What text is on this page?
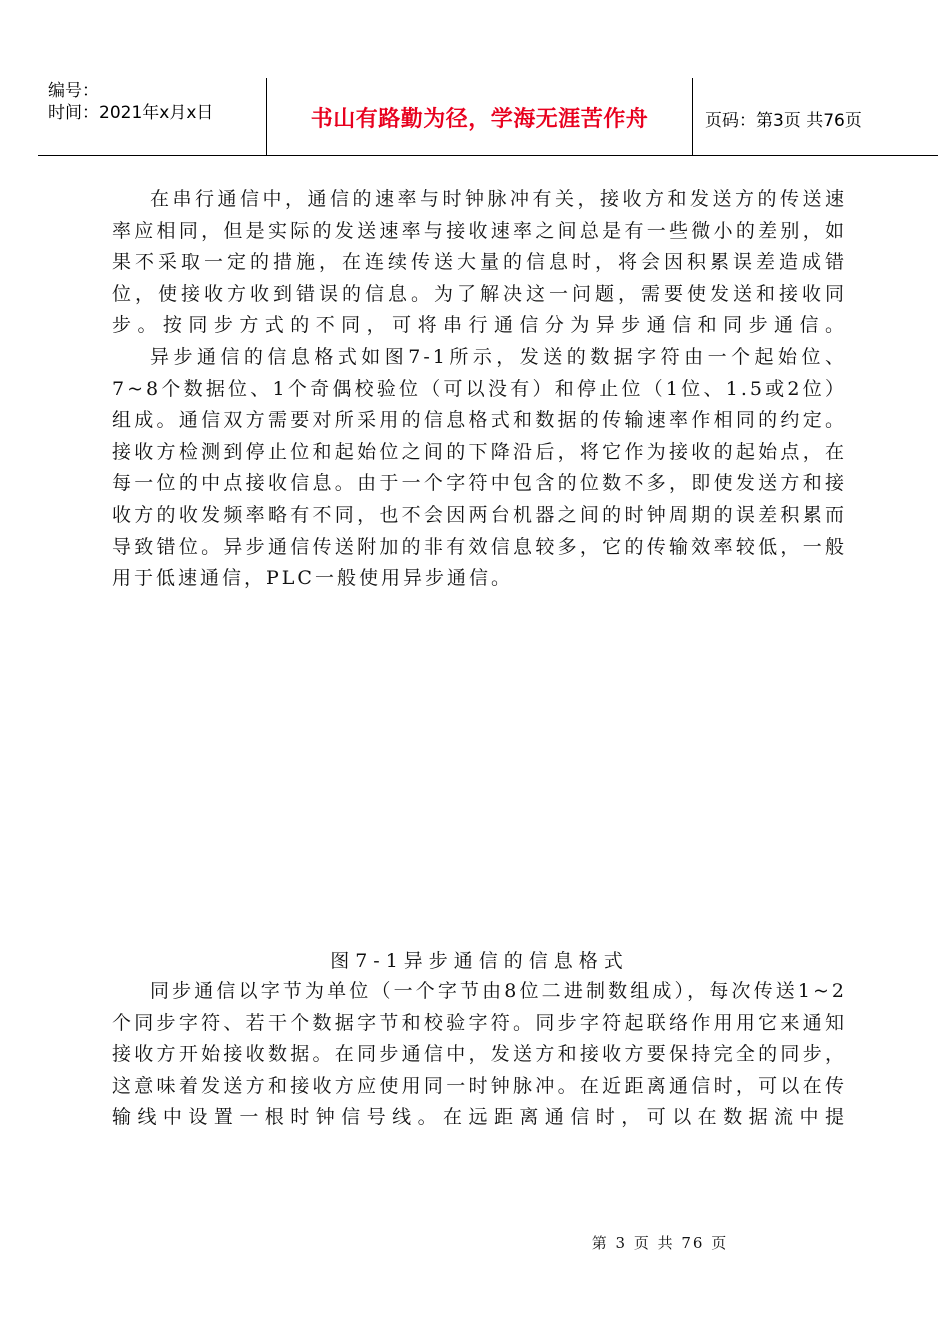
编号：
时间：2021年x月x日	书山有路勤为径，学海无涯苦作舟	页码：第3页 共76页

在串行通信中，通信的速率与时钟脉冲有关，接收方和发送方的传送速率应相同，但是实际的发送速率与接收速率之间总是有一些微小的差别，如果不采取一定的措施，在连续传送大量的信息时，将会因积累误差造成错位，使接收方收到错误的信息。为了解决这一问题，需要使发送和接收同步。按同步方式的不同，可将串行通信分为异步通信和同步通信。

异步通信的信息格式如图7-1所示，发送的数据字符由一个起始位、7~8个数据位、1个奇偶校验位（可以没有）和停止位（1位、1.5或2位）组成。通信双方需要对所采用的信息格式和数据的传输速率作相同的约定。接收方检测到停止位和起始位之间的下降沿后，将它作为接收的起始点，在每一位的中点接收信息。由于一个字符中包含的位数不多，即使发送方和接收方的收发频率略有不同，也不会因两台机器之间的时钟周期的误差积累而导致错位。异步通信传送附加的非有效信息较多，它的传输效率较低，一般用于低速通信，PLC一般使用异步通信。

图7-1异步通信的信息格式

同步通信以字节为单位（一个字节由8位二进制数组成），每次传送1~2个同步字符、若干个数据字节和校验字符。同步字符起联络作用用它来通知接收方开始接收数据。在同步通信中，发送方和接收方要保持完全的同步，这意味着发送方和接收方应使用同一时钟脉冲。在近距离通信时，可以在传输线中设置一根时钟信号线。在远距离通信时，可以在数据流中提

第 3 页 共 76 页
